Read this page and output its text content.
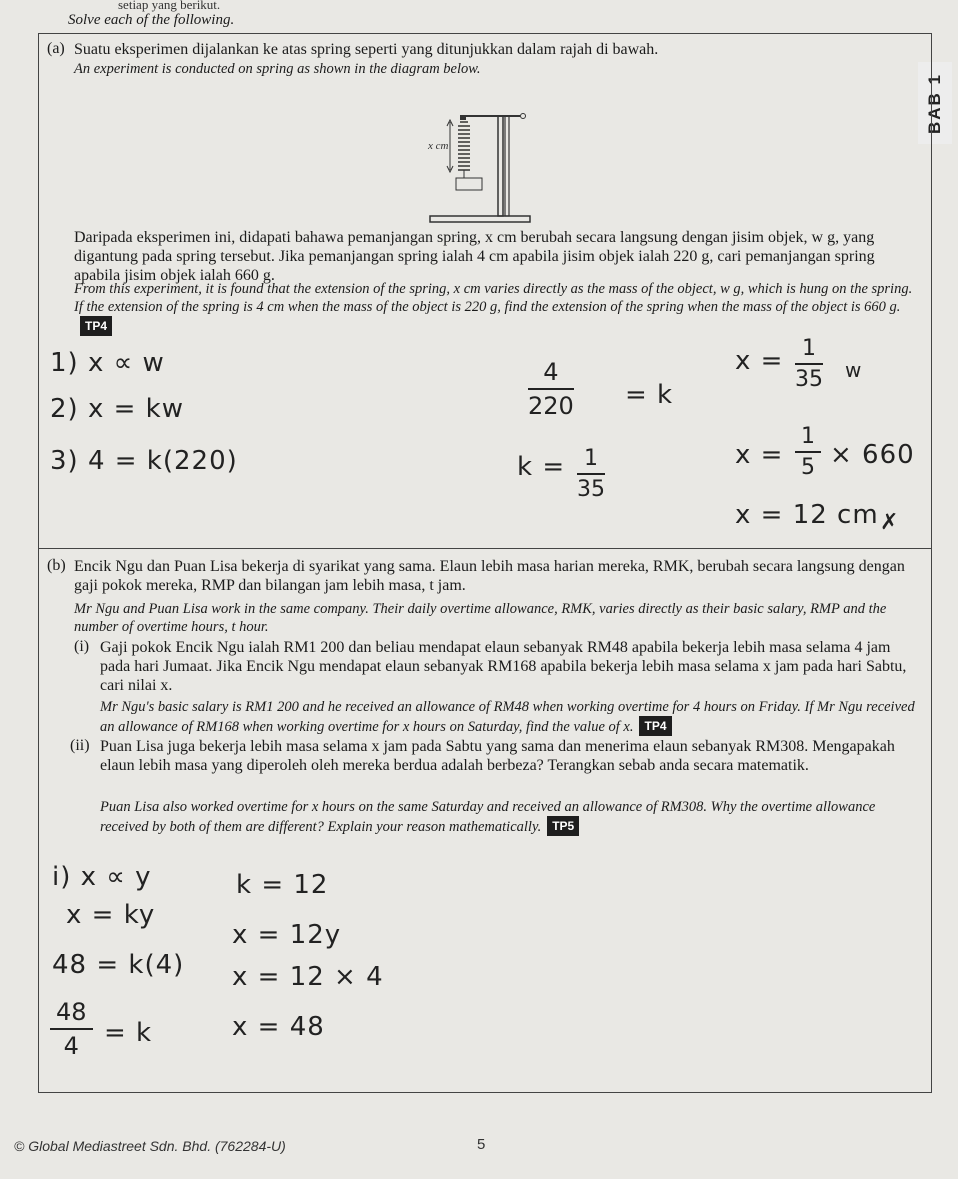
setiap yang berikut.
Solve each of the following.
BAB 1
(a) Suatu eksperimen dijalankan ke atas spring seperti yang ditunjukkan dalam rajah di bawah.
An experiment is conducted on spring as shown in the diagram below.
x cm
Daripada eksperimen ini, didapati bahawa pemanjangan spring, x cm berubah secara langsung dengan jisim objek, w g, yang digantung pada spring tersebut. Jika pemanjangan spring ialah 4 cm apabila jisim objek ialah 220 g, cari pemanjangan spring apabila jisim objek ialah 660 g.
From this experiment, it is found that the extension of the spring, x cm varies directly as the mass of the object, w g, which is hung on the spring. If the extension of the spring is 4 cm when the mass of the object is 220 g, find the extension of the spring when the mass of the object is 660 g.TP4
1) x ∝ w
2) x = kw
3) 4 = k(220)
$\frac{4}{220} = k$
$k = \frac{1}{35}$
$x = \frac{1}{35}$ w
$x = \frac{1}{5} \times 660$
x = 12 cm ✗
(b) Encik Ngu dan Puan Lisa bekerja di syarikat yang sama. Elaun lebih masa harian mereka, RMK, berubah secara langsung dengan gaji pokok mereka, RMP dan bilangan jam lebih masa, t jam.
Mr Ngu and Puan Lisa work in the same company. Their daily overtime allowance, RMK, varies directly as their basic salary, RMP and the number of overtime hours, t hour.
(i) Gaji pokok Encik Ngu ialah RM1 200 dan beliau mendapat elaun sebanyak RM48 apabila bekerja lebih masa selama 4 jam pada hari Jumaat. Jika Encik Ngu mendapat elaun sebanyak RM168 apabila bekerja lebih masa selama x jam pada hari Sabtu, cari nilai x.
Mr Ngu's basic salary is RM1 200 and he received an allowance of RM48 when working overtime for 4 hours on Friday. If Mr Ngu received an allowance of RM168 when working overtime for x hours on Saturday, find the value of x. TP4
(ii) Puan Lisa juga bekerja lebih masa selama x jam pada Sabtu yang sama dan menerima elaun sebanyak RM308. Mengapakah elaun lebih masa yang diperoleh oleh mereka berdua adalah berbeza? Terangkan sebab anda secara matematik.
Puan Lisa also worked overtime for x hours on the same Saturday and received an allowance of RM308. Why the overtime allowance received by both of them are different? Explain your reason mathematically. TP5
i) x ∝ y
x = ky
48 = k(4)
$\frac{48}{4} = k$
k = 12
x = 12y
x = 12 × 4
x = 48
© Global Mediastreet Sdn. Bhd. (762284-U)	5
